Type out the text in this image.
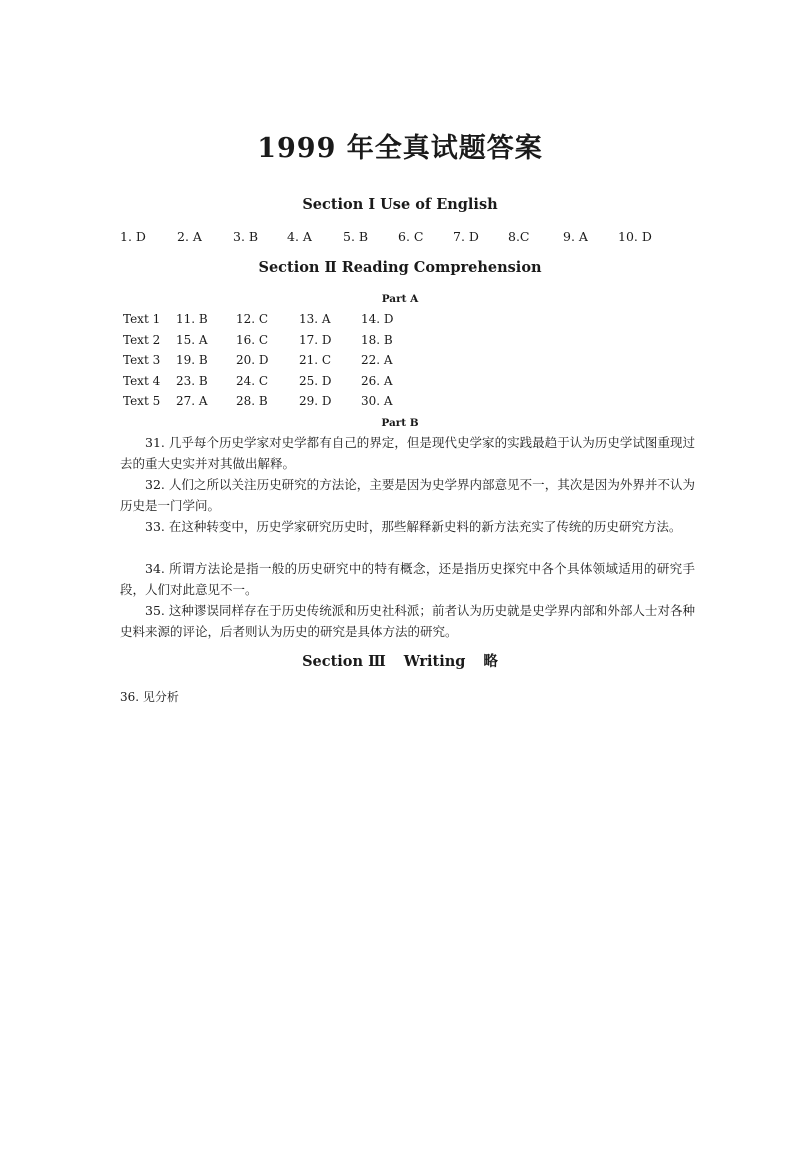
1999 年全真试题答案
Section Ⅰ Use of English
1. D 2. A 3. B 4. A 5. B 6. C 7. D 8.C	9. A 10. D
Section Ⅱ Reading Comprehension
Part A
Text 1 11. B 12. C	13. A	14. D
Text 2 15. A 16. C	17. D 18. B
Text 3 19. B 20. D	21. C 22. A
Text 4 23. B 24. C	25. D 26. A
Text 5 27. A 28. B	29. D 30. A
Part B
31. 几乎每个历史学家对史学都有自己的界定，但是现代史学家的实践最趋于认为历史学试图重现过去的重大史实并对其做出解释。
32. 人们之所以关注历史研究的方法论，主要是因为史学界内部意见不一，其次是因为外界并不认为历史是一门学问。
33. 在这种转变中，历史学家研究历史时，那些解释新史料的新方法充实了传统的历史研究方法。
34. 所谓方法论是指一般的历史研究中的特有概念，还是指历史探究中各个具体领域适用的研究手段，人们对此意见不一。
35. 这种谬误同样存在于历史传统派和历史社科派；前者认为历史就是史学界内部和外部人士对各种史料来源的评论，后者则认为历史的研究是具体方法的研究。
Section Ⅲ Writing 略
36. 见分析
